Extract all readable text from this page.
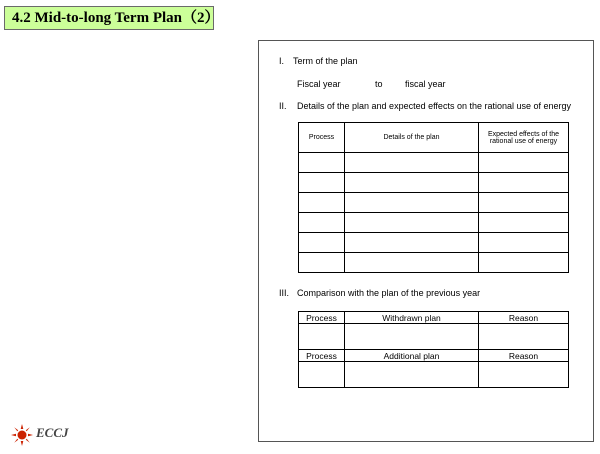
4.2 Mid-to-long Term Plan（2）
I. Term of the plan
Fiscal year	to fiscal year
II. Details of the plan and expected effects on the rational use of energy
Process	Details of the plan	Expected effects of the rational use of energy

III. Comparison with the plan of the previous year
Process	Withdrawn plan	Reason

Process	Additional plan	Reason

ECCJ
